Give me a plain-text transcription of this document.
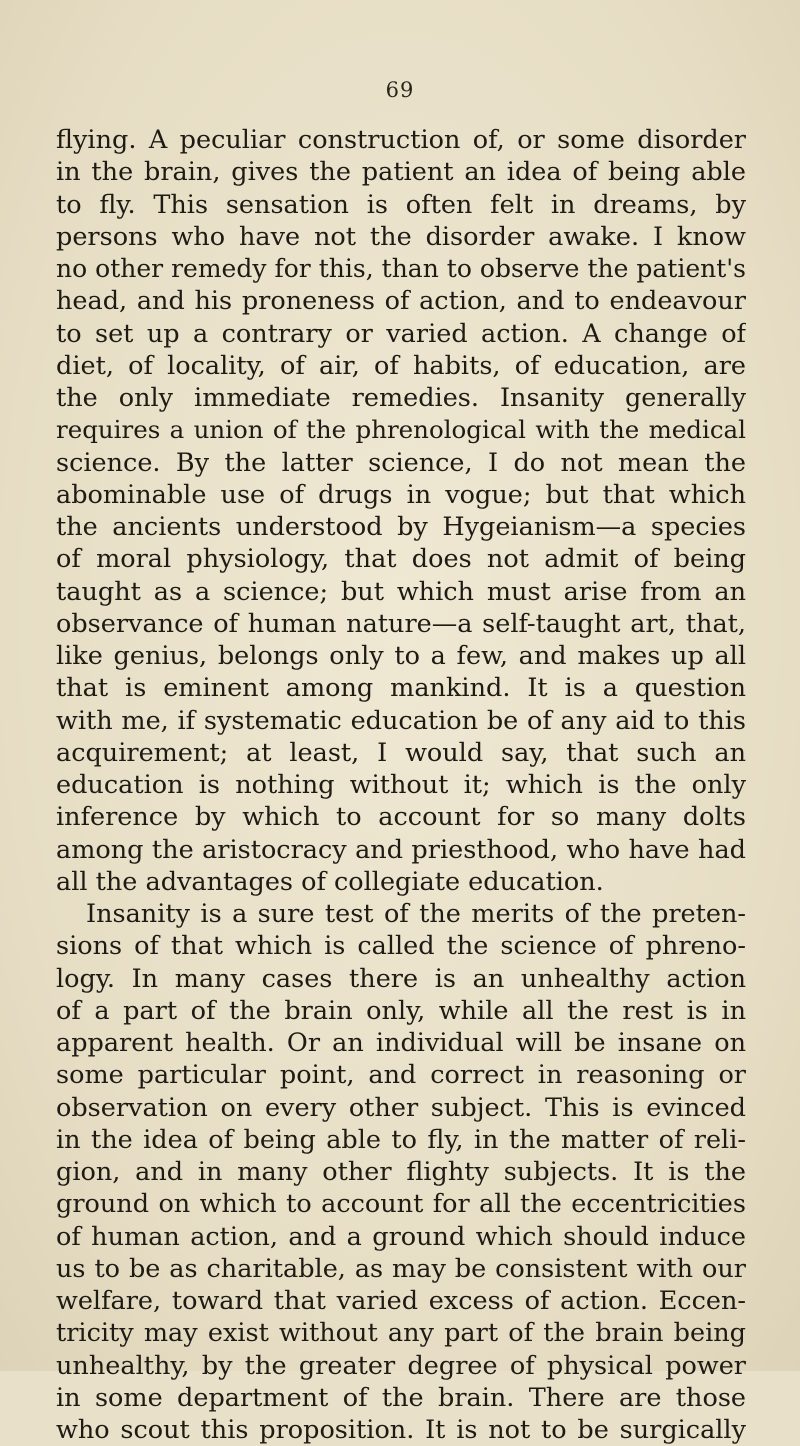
69
flying. A peculiar construction of, or some disorder
in the brain, gives the patient an idea of being able
to fly. This sensation is often felt in dreams, by
persons who have not the disorder awake. I know
no other remedy for this, than to observe the patient's
head, and his proneness of action, and to endeavour
to set up a contrary or varied action. A change of
diet, of locality, of air, of habits, of education, are
the only immediate remedies. Insanity generally
requires a union of the phrenological with the medical
science. By the latter science, I do not mean the
abominable use of drugs in vogue; but that which
the ancients understood by Hygeianism—a species
of moral physiology, that does not admit of being
taught as a science; but which must arise from an
observance of human nature—a self-taught art, that,
like genius, belongs only to a few, and makes up all
that is eminent among mankind. It is a question
with me, if systematic education be of any aid to this
acquirement; at least, I would say, that such an
education is nothing without it; which is the only
inference by which to account for so many dolts
among the aristocracy and priesthood, who have had
all the advantages of collegiate education.
Insanity is a sure test of the merits of the preten-
sions of that which is called the science of phreno-
logy. In many cases there is an unhealthy action
of a part of the brain only, while all the rest is in
apparent health. Or an individual will be insane on
some particular point, and correct in reasoning or
observation on every other subject. This is evinced
in the idea of being able to fly, in the matter of reli-
gion, and in many other flighty subjects. It is the
ground on which to account for all the eccentricities
of human action, and a ground which should induce
us to be as charitable, as may be consistent with our
welfare, toward that varied excess of action. Eccen-
tricity may exist without any part of the brain being
unhealthy, by the greater degree of physical power
in some department of the brain. There are those
who scout this proposition. It is not to be surgically
